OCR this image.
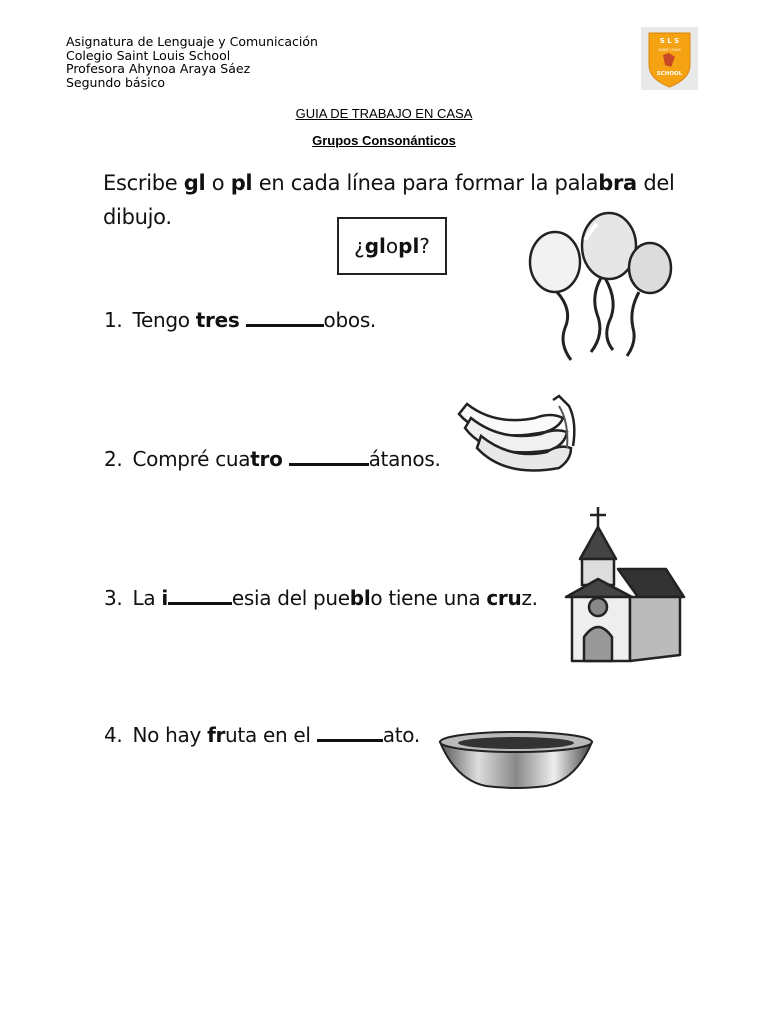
Asignatura de Lenguaje y Comunicación
Colegio Saint Louis School
Profesora Ahynoa Araya Sáez
Segundo básico
S L S
SAINT LOUIS
SCHOOL
GUIA DE TRABAJO EN CASA
Grupos Consonánticos
Escribe gl o pl en cada línea para formar la palabra del dibujo.
¿ gl o pl ?
1. Tengo tres	obos.
2. Compré cuatro	átanos.
3. La i	esia del pueblo tiene una cruz.
4. No hay fruta en el	ato.
